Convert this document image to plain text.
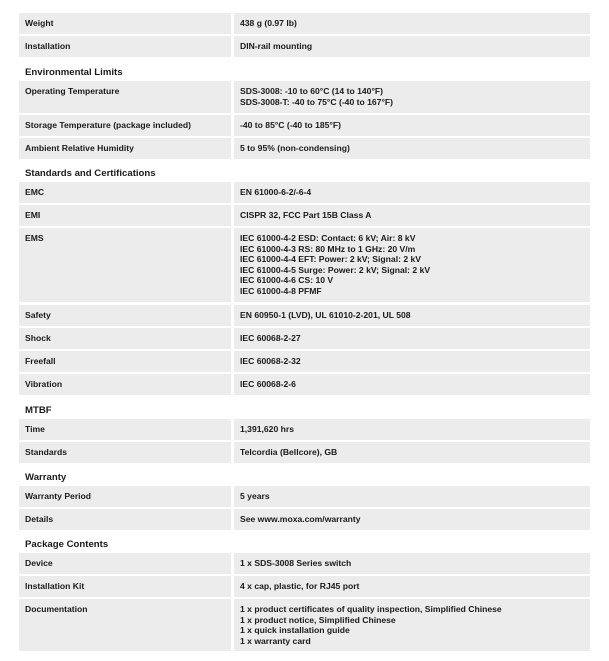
Weight	438 g (0.97 lb)
Installation	DIN-rail mounting
Environmental Limits
Operating Temperature	SDS-3008: -10 to 60°C (14 to 140°F)
SDS-3008-T: -40 to 75°C (-40 to 167°F)
Storage Temperature (package included)	-40 to 85°C (-40 to 185°F)
Ambient Relative Humidity	5 to 95% (non-condensing)
Standards and Certifications
EMC	EN 61000-6-2/-6-4
EMI	CISPR 32, FCC Part 15B Class A
EMS	IEC 61000-4-2 ESD: Contact: 6 kV; Air: 8 kV
IEC 61000-4-3 RS: 80 MHz to 1 GHz: 20 V/m
IEC 61000-4-4 EFT: Power: 2 kV; Signal: 2 kV
IEC 61000-4-5 Surge: Power: 2 kV; Signal: 2 kV
IEC 61000-4-6 CS: 10 V
IEC 61000-4-8 PFMF
Safety	EN 60950-1 (LVD), UL 61010-2-201, UL 508
Shock	IEC 60068-2-27
Freefall	IEC 60068-2-32
Vibration	IEC 60068-2-6
MTBF
Time	1,391,620 hrs
Standards	Telcordia (Bellcore), GB
Warranty
Warranty Period	5 years
Details	See www.moxa.com/warranty
Package Contents
Device	1 x SDS-3008 Series switch
Installation Kit	4 x cap, plastic, for RJ45 port
Documentation	1 x product certificates of quality inspection, Simplified Chinese
1 x product notice, Simplified Chinese
1 x quick installation guide
1 x warranty card
